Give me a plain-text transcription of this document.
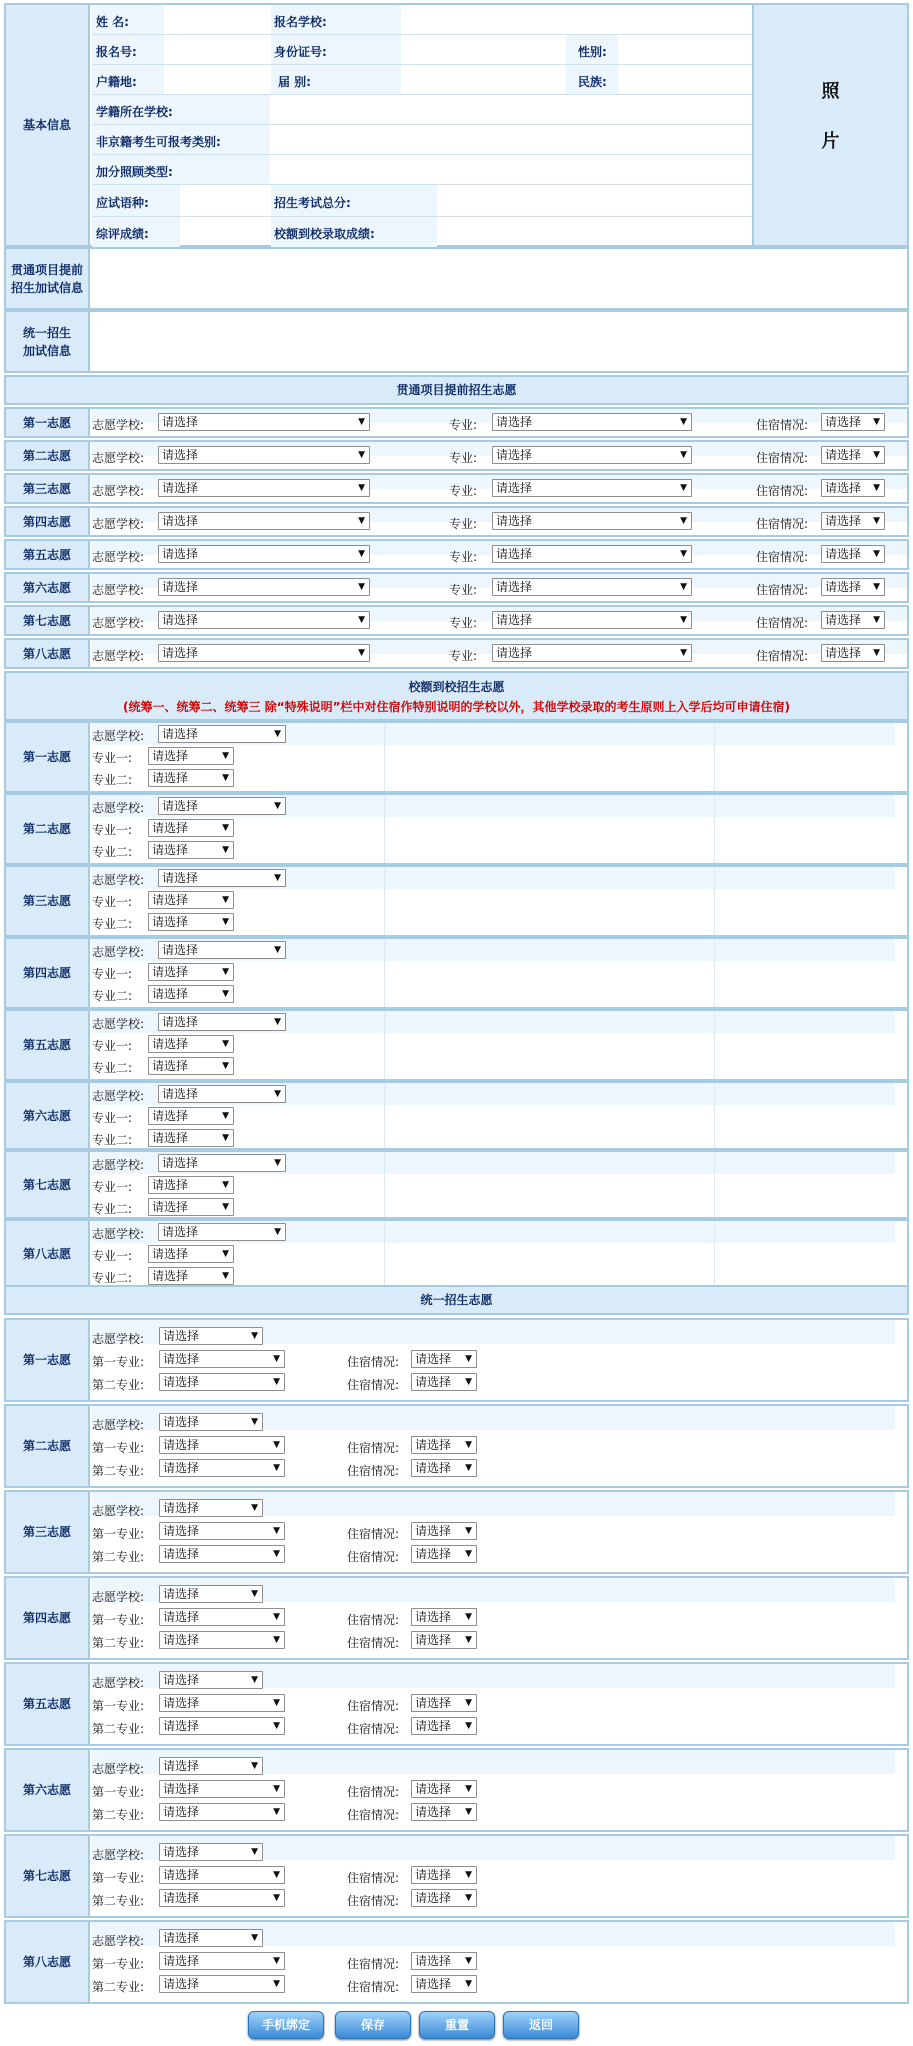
基本信息
姓 名:	报名学校:
报名号:	身份证号:	性别:
户籍地:	届 别:	民族:
学籍所在学校:
非京籍考生可报考类别:
加分照顾类型:
应试语种:	招生考试总分:
综评成绩:	校额到校录取成绩:
照
片
贯通项目提前
招生加试信息
统一招生
加试信息
贯通项目提前招生志愿
第一志愿	志愿学校:	请选择	▼	专业:	请选择	▼	住宿情况:	请选择 ▼
第二志愿	志愿学校:	请选择	▼	专业:	请选择	▼	住宿情况:	请选择 ▼
第三志愿	志愿学校:	请选择	▼	专业:	请选择	▼	住宿情况:	请选择 ▼
第四志愿	志愿学校:	请选择	▼	专业:	请选择	▼	住宿情况:	请选择 ▼
第五志愿	志愿学校:	请选择	▼	专业:	请选择	▼	住宿情况:	请选择 ▼
第六志愿	志愿学校:	请选择	▼	专业:	请选择	▼	住宿情况:	请选择 ▼
第七志愿	志愿学校:	请选择	▼	专业:	请选择	▼	住宿情况:	请选择 ▼
第八志愿	志愿学校:	请选择	▼	专业:	请选择	▼	住宿情况:	请选择 ▼
校额到校招生志愿
(统筹一、统筹二、统筹三 除“特殊说明”栏中对住宿作特别说明的学校以外，其他学校录取的考生原则上入学后均可申请住宿)
第一志愿
志愿学校:	请选择	▼
专业一:	请选择	▼
专业二:	请选择	▼
第二志愿
志愿学校:	请选择	▼
专业一:	请选择	▼
专业二:	请选择	▼
第三志愿
志愿学校:	请选择	▼
专业一:	请选择	▼
专业二:	请选择	▼
第四志愿
志愿学校:	请选择	▼
专业一:	请选择	▼
专业二:	请选择	▼
第五志愿
志愿学校:	请选择	▼
专业一:	请选择	▼
专业二:	请选择	▼
第六志愿
志愿学校:	请选择	▼
专业一:	请选择	▼
专业二:	请选择	▼
第七志愿
志愿学校:	请选择	▼
专业一:	请选择	▼
专业二:	请选择	▼
第八志愿
志愿学校:	请选择	▼
专业一:	请选择	▼
专业二:	请选择	▼
统一招生志愿
第一志愿
志愿学校:	请选择	▼
第一专业:	请选择	▼	住宿情况:	请选择 ▼
第二专业:	请选择	▼	住宿情况:	请选择 ▼
第二志愿
志愿学校:	请选择	▼
第一专业:	请选择	▼	住宿情况:	请选择 ▼
第二专业:	请选择	▼	住宿情况:	请选择 ▼
第三志愿
志愿学校:	请选择	▼
第一专业:	请选择	▼	住宿情况:	请选择 ▼
第二专业:	请选择	▼	住宿情况:	请选择 ▼
第四志愿
志愿学校:	请选择	▼
第一专业:	请选择	▼	住宿情况:	请选择 ▼
第二专业:	请选择	▼	住宿情况:	请选择 ▼
第五志愿
志愿学校:	请选择	▼
第一专业:	请选择	▼	住宿情况:	请选择 ▼
第二专业:	请选择	▼	住宿情况:	请选择 ▼
第六志愿
志愿学校:	请选择	▼
第一专业:	请选择	▼	住宿情况:	请选择 ▼
第二专业:	请选择	▼	住宿情况:	请选择 ▼
第七志愿
志愿学校:	请选择	▼
第一专业:	请选择	▼	住宿情况:	请选择 ▼
第二专业:	请选择	▼	住宿情况:	请选择 ▼
第八志愿
志愿学校:	请选择	▼
第一专业:	请选择	▼	住宿情况:	请选择 ▼
第二专业:	请选择	▼	住宿情况:	请选择 ▼
手机绑定	保存	重置	返回
